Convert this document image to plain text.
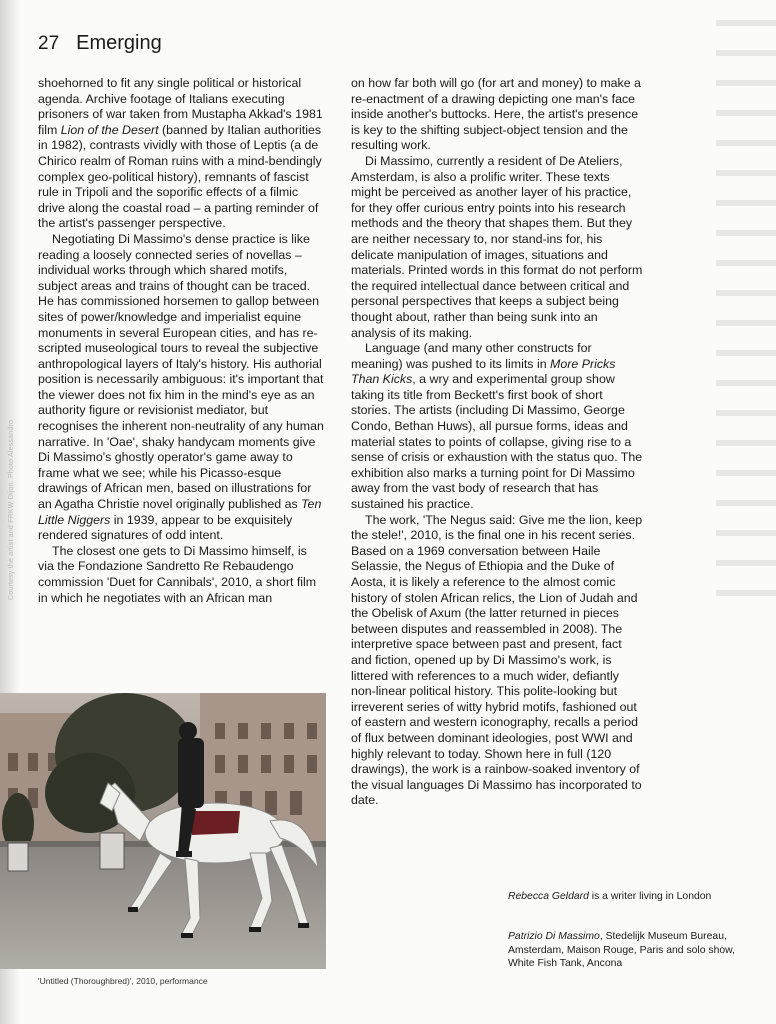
27 Emerging
Courtesy the artist and FRKW Dijon. Photo Alessandro

shoehorned to fit any single political or historical agenda. Archive footage of Italians executing prisoners of war taken from Mustapha Akkad's 1981 film Lion of the Desert (banned by Italian authorities in 1982), contrasts vividly with those of Leptis (a de Chirico realm of Roman ruins with a mind-bendingly complex geo-political history), remnants of fascist rule in Tripoli and the soporific effects of a filmic drive along the coastal road – a parting reminder of the artist's passenger perspective.

Negotiating Di Massimo's dense practice is like reading a loosely connected series of novellas – individual works through which shared motifs, subject areas and trains of thought can be traced. He has commissioned horsemen to gallop between sites of power/knowledge and imperialist equine monuments in several European cities, and has re-scripted museological tours to reveal the subjective anthropological layers of Italy's history. His authorial position is necessarily ambiguous: it's important that the viewer does not fix him in the mind's eye as an authority figure or revisionist mediator, but recognises the inherent non-neutrality of any human narrative. In 'Oae', shaky handycam moments give Di Massimo's ghostly operator's game away to frame what we see; while his Picasso-esque drawings of African men, based on illustrations for an Agatha Christie novel originally published as Ten Little Niggers in 1939, appear to be exquisitely rendered signatures of odd intent.

The closest one gets to Di Massimo himself, is via the Fondazione Sandretto Re Rebaudengo commission 'Duet for Cannibals', 2010, a short film in which he negotiates with an African man

on how far both will go (for art and money) to make a re-enactment of a drawing depicting one man's face inside another's buttocks. Here, the artist's presence is key to the shifting subject-object tension and the resulting work.

Di Massimo, currently a resident of De Ateliers, Amsterdam, is also a prolific writer. These texts might be perceived as another layer of his practice, for they offer curious entry points into his research methods and the theory that shapes them. But they are neither necessary to, nor stand-ins for, his delicate manipulation of images, situations and materials. Printed words in this format do not perform the required intellectual dance between critical and personal perspectives that keeps a subject being thought about, rather than being sunk into an analysis of its making.

Language (and many other constructs for meaning) was pushed to its limits in More Pricks Than Kicks, a wry and experimental group show taking its title from Beckett's first book of short stories. The artists (including Di Massimo, George Condo, Bethan Huws), all pursue forms, ideas and material states to points of collapse, giving rise to a sense of crisis or exhaustion with the status quo. The exhibition also marks a turning point for Di Massimo away from the vast body of research that has sustained his practice.

The work, 'The Negus said: Give me the lion, keep the stele!', 2010, is the final one in his recent series. Based on a 1969 conversation between Haile Selassie, the Negus of Ethiopia and the Duke of Aosta, it is likely a reference to the almost comic history of stolen African relics, the Lion of Judah and the Obelisk of Axum (the latter returned in pieces between disputes and reassembled in 2008). The interpretive space between past and present, fact and fiction, opened up by Di Massimo's work, is littered with references to a much wider, defiantly non-linear political history. This polite-looking but irreverent series of witty hybrid motifs, fashioned out of eastern and western iconography, recalls a period of flux between dominant ideologies, post WWI and highly relevant to today. Shown here in full (120 drawings), the work is a rainbow-soaked inventory of the visual languages Di Massimo has incorporated to date.

'Untitled (Thoroughbred)', 2010, performance

Rebecca Geldard is a writer living in London

Patrizio Di Massimo, Stedelijk Museum Bureau, Amsterdam, Maison Rouge, Paris and solo show, White Fish Tank, Ancona
